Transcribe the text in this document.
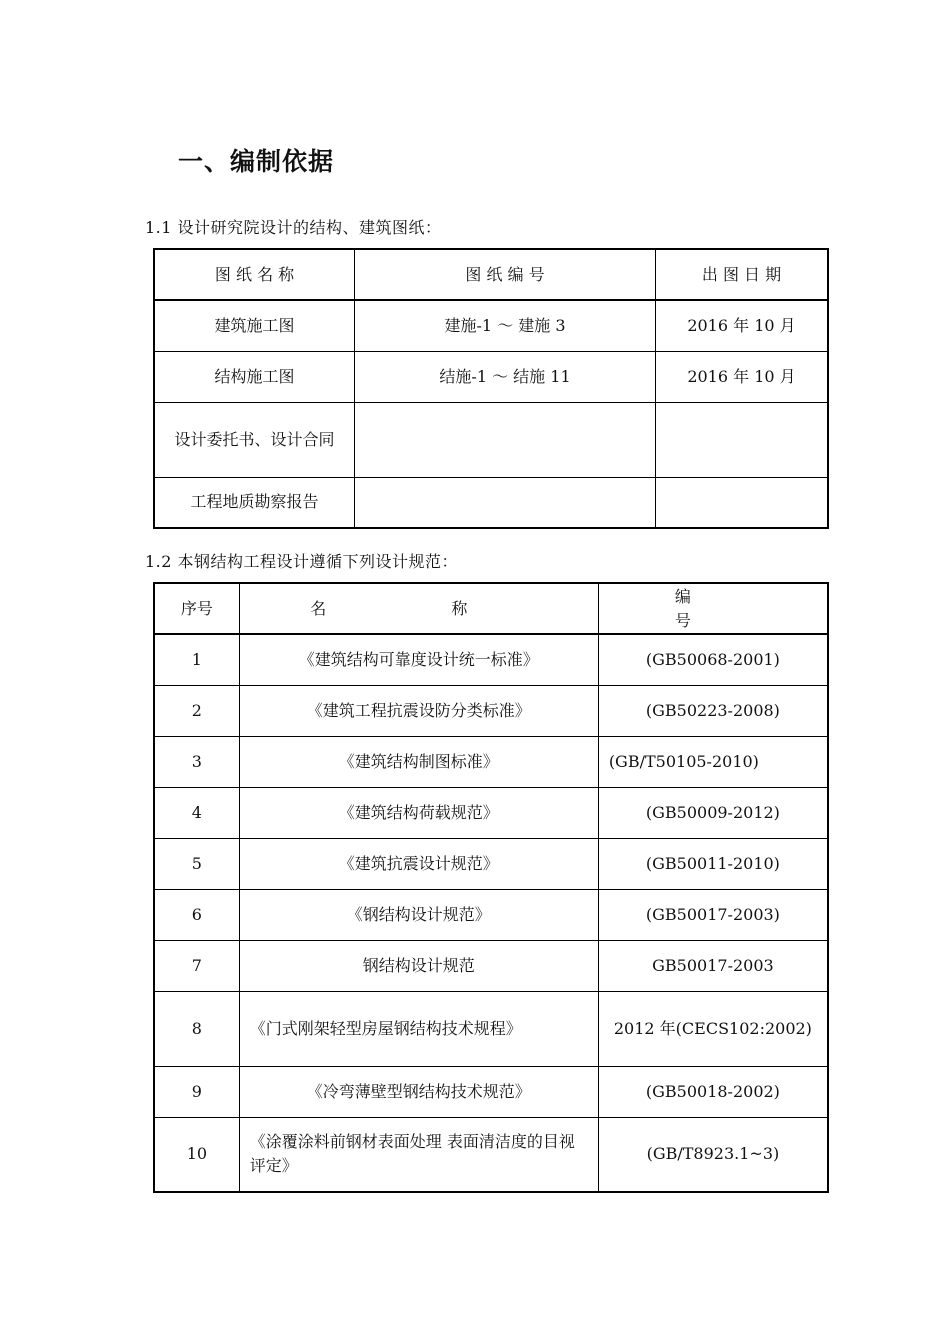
一、编制依据
1.1 设计研究院设计的结构、建筑图纸：
图 纸 名 称	图 纸 编 号	出 图 日 期
建筑施工图	建施-1 ～ 建施 3	2016 年 10 月
结构施工图	结施-1 ～ 结施 11	2016 年 10 月
设计委托书、设计合同		
工程地质勘察报告		
1.2 本钢结构工程设计遵循下列设计规范：
序号	名 称	编 号
1	《建筑结构可靠度设计统一标准》	(GB50068-2001)
2	《建筑工程抗震设防分类标准》	(GB50223-2008)
3	《建筑结构制图标准》	(GB/T50105-2010)
4	《建筑结构荷载规范》	(GB50009-2012)
5	《建筑抗震设计规范》	(GB50011-2010)
6	《钢结构设计规范》	(GB50017-2003)
7	钢结构设计规范	GB50017-2003
8	《门式刚架轻型房屋钢结构技术规程》	2012 年(CECS102:2002)
9	《冷弯薄壁型钢结构技术规范》	(GB50018-2002)
10	《涂覆涂料前钢材表面处理 表面清洁度的目视评定》	(GB/T8923.1~3)
